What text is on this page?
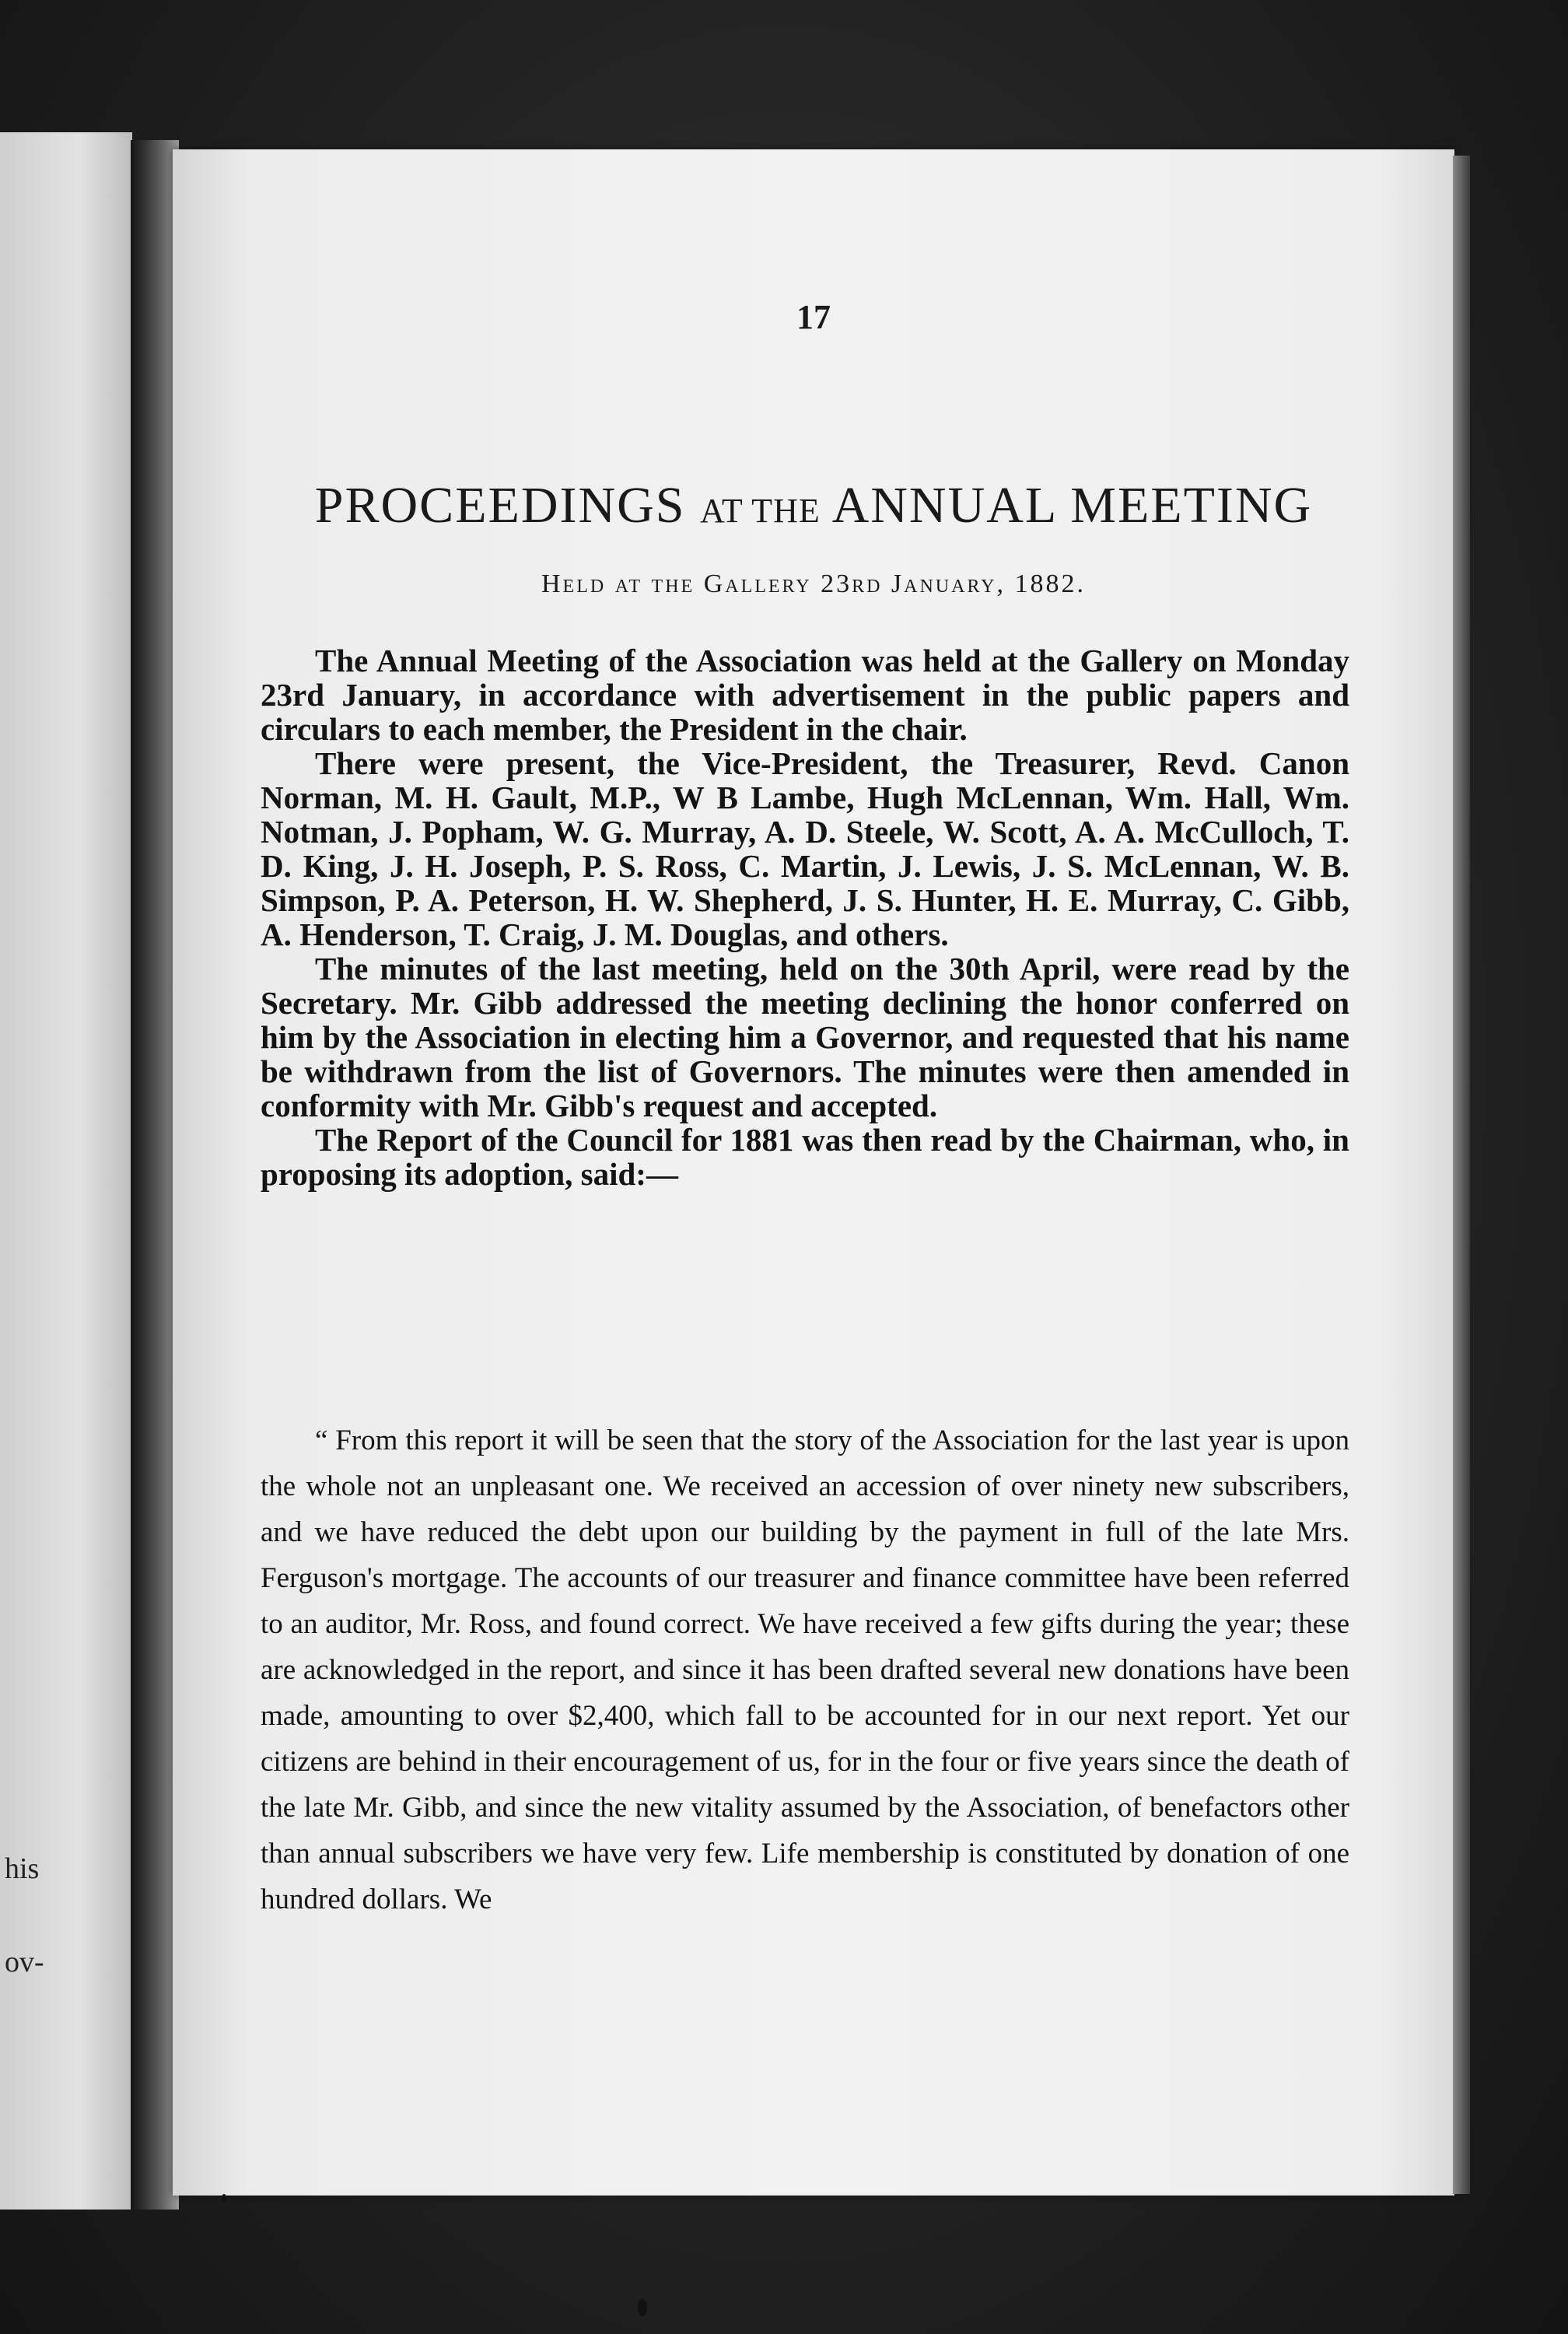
his
ov-
17
PROCEEDINGS AT THE ANNUAL MEETING
Held at the Gallery 23rd January, 1882.

The Annual Meeting of the Association was held at the Gallery on Monday 23rd January, in accordance with advertisement in the public papers and circulars to each member, the President in the chair.

There were present, the Vice-President, the Treasurer, Revd. Canon Norman, M. H. Gault, M.P., W B Lambe, Hugh McLennan, Wm. Hall, Wm. Notman, J. Popham, W. G. Murray, A. D. Steele, W. Scott, A. A. McCulloch, T. D. King, J. H. Joseph, P. S. Ross, C. Martin, J. Lewis, J. S. McLennan, W. B. Simpson, P. A. Peterson, H. W. Shepherd, J. S. Hunter, H. E. Murray, C. Gibb, A. Henderson, T. Craig, J. M. Douglas, and others.

The minutes of the last meeting, held on the 30th April, were read by the Secretary. Mr. Gibb addressed the meeting declining the honor conferred on him by the Association in electing him a Governor, and requested that his name be withdrawn from the list of Governors. The minutes were then amended in conformity with Mr. Gibb's request and accepted.

The Report of the Council for 1881 was then read by the Chairman, who, in proposing its adoption, said:—

“ From this report it will be seen that the story of the Association for the last year is upon the whole not an unpleasant one. We received an accession of over ninety new subscribers, and we have reduced the debt upon our building by the payment in full of the late Mrs. Ferguson's mortgage. The accounts of our treasurer and finance committee have been referred to an auditor, Mr. Ross, and found correct. We have received a few gifts during the year; these are acknowledged in the report, and since it has been drafted several new donations have been made, amounting to over $2,400, which fall to be accounted for in our next report. Yet our citizens are behind in their encouragement of us, for in the four or five years since the death of the late Mr. Gibb, and since the new vitality assumed by the Association, of benefactors other than annual subscribers we have very few. Life membership is constituted by donation of one hundred dollars. We
